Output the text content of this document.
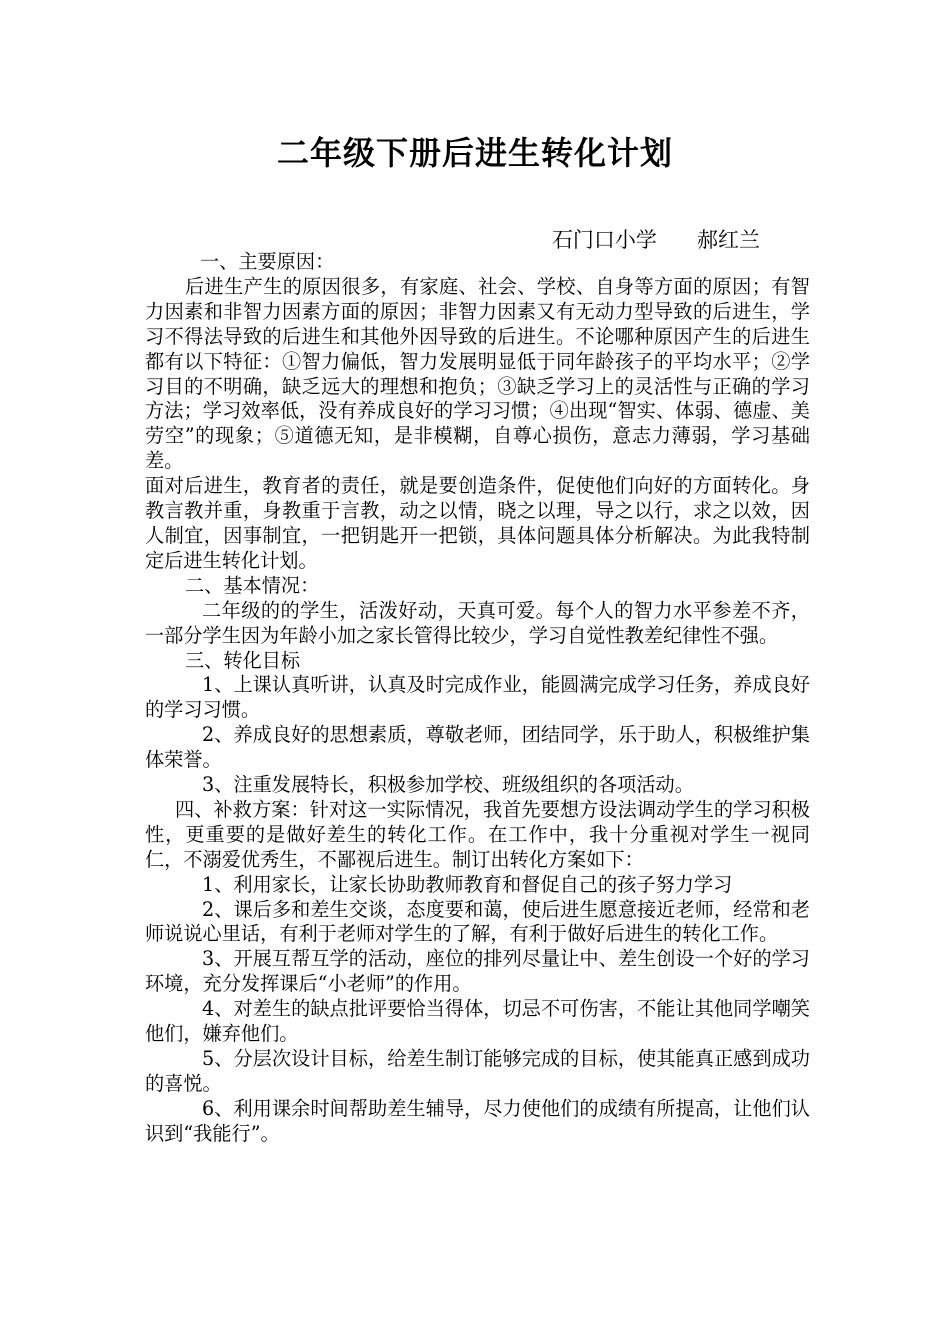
二年级下册后进生转化计划
石门口小学      郝红兰

一、主要原因：

后进生产生的原因很多，有家庭、社会、学校、自身等方面的原因；有智力因素和非智力因素方面的原因；非智力因素又有无动力型导致的后进生，学习不得法导致的后进生和其他外因导致的后进生。不论哪种原因产生的后进生都有以下特征：①智力偏低，智力发展明显低于同年龄孩子的平均水平；②学习目的不明确，缺乏远大的理想和抱负；③缺乏学习上的灵活性与正确的学习方法；学习效率低，没有养成良好的学习习惯；④出现“智实、体弱、德虚、美劳空”的现象；⑤道德无知，是非模糊，自尊心损伤，意志力薄弱，学习基础差。

面对后进生，教育者的责任，就是要创造条件，促使他们向好的方面转化。身教言教并重，身教重于言教，动之以情，晓之以理，导之以行，求之以效，因人制宜，因事制宜，一把钥匙开一把锁，具体问题具体分析解决。为此我特制定后进生转化计划。

二、基本情况：

二年级的的学生，活泼好动，天真可爱。每个人的智力水平参差不齐，一部分学生因为年龄小加之家长管得比较少，学习自觉性教差纪律性不强。

三、转化目标

1、上课认真听讲，认真及时完成作业，能圆满完成学习任务，养成良好的学习习惯。

2、养成良好的思想素质，尊敬老师，团结同学，乐于助人，积极维护集体荣誉。

3、注重发展特长，积极参加学校、班级组织的各项活动。

四、补救方案：针对这一实际情况，我首先要想方设法调动学生的学习积极性，更重要的是做好差生的转化工作。在工作中，我十分重视对学生一视同仁，不溺爱优秀生，不鄙视后进生。制订出转化方案如下：

1、利用家长，让家长协助教师教育和督促自己的孩子努力学习

2、课后多和差生交谈，态度要和蔼，使后进生愿意接近老师，经常和老师说说心里话，有利于老师对学生的了解，有利于做好后进生的转化工作。

3、开展互帮互学的活动，座位的排列尽量让中、差生创设一个好的学习环境，充分发挥课后“小老师”的作用。

4、对差生的缺点批评要恰当得体，切忌不可伤害，不能让其他同学嘲笑他们，嫌弃他们。

5、分层次设计目标，给差生制订能够完成的目标，使其能真正感到成功的喜悦。

6、利用课余时间帮助差生辅导，尽力使他们的成绩有所提高，让他们认识到“我能行”。
